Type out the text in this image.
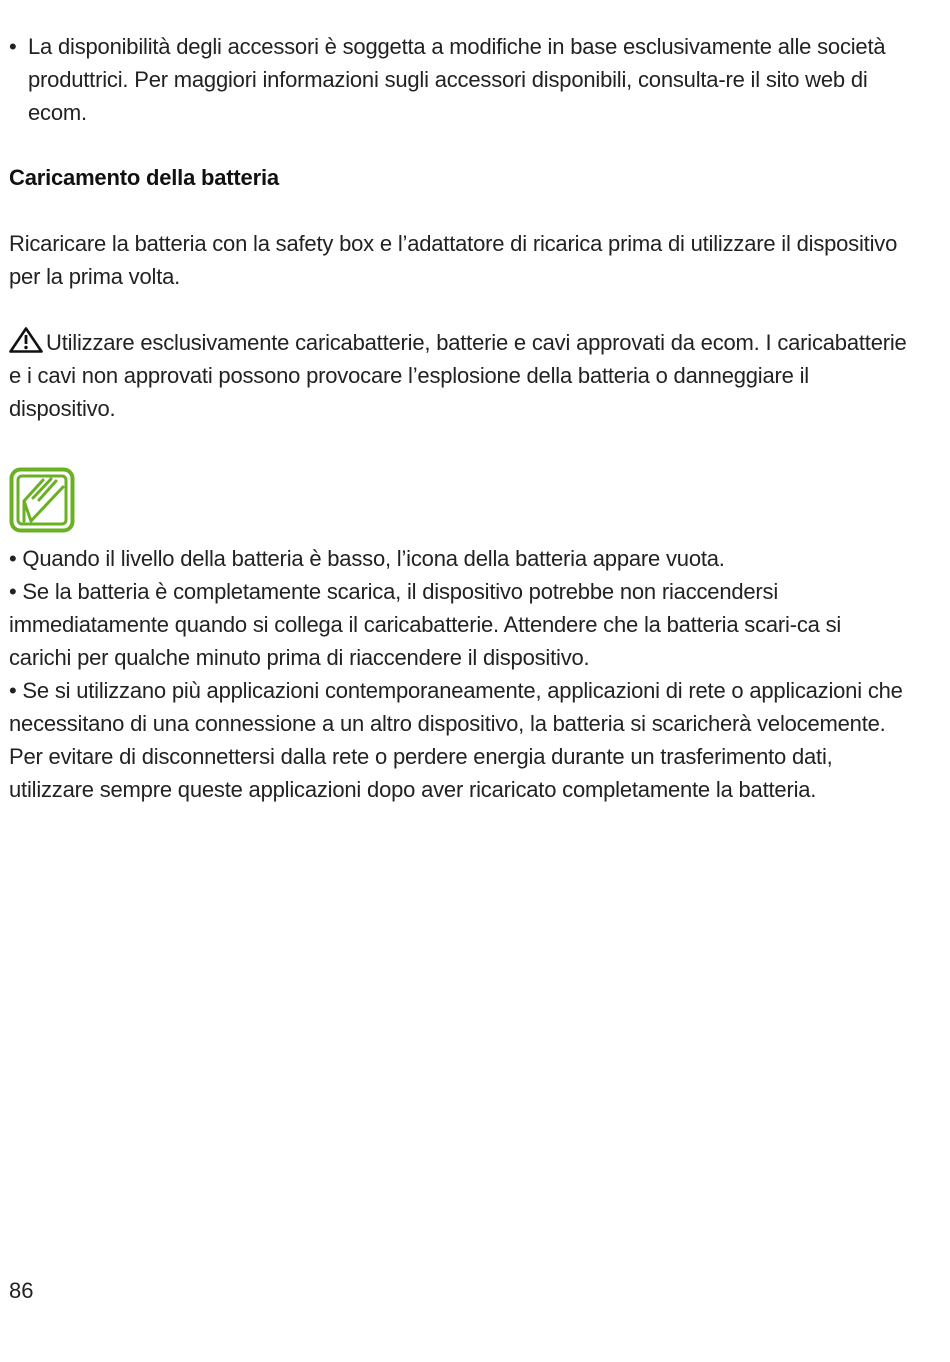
• La disponibilità degli accessori è soggetta a modifiche in base esclusivamente alle società produttrici. Per maggiori informazioni sugli accessori disponibili, consulta-re il sito web di ecom.
Caricamento della batteria

Ricaricare la batteria con la safety box e l’adattatore di ricarica prima di utilizzare il dispositivo per la prima volta.

Utilizzare esclusivamente caricabatterie, batterie e cavi approvati da ecom. I caricabatterie e i cavi non approvati possono provocare l’esplosione della batteria o danneggiare il dispositivo.

• Quando il livello della batteria è basso, l’icona della batteria appare vuota.

• Se la batteria è completamente scarica, il dispositivo potrebbe non riaccendersi immediatamente quando si collega il caricabatterie. Attendere che la batteria scari-ca si carichi per qualche minuto prima di riaccendere il dispositivo.

• Se si utilizzano più applicazioni contemporaneamente, applicazioni di rete o applicazioni che necessitano di una connessione a un altro dispositivo, la batteria si scaricherà velocemente. Per evitare di disconnettersi dalla rete o perdere energia durante un trasferimento dati, utilizzare sempre queste applicazioni dopo aver ricaricato completamente la batteria.

86
